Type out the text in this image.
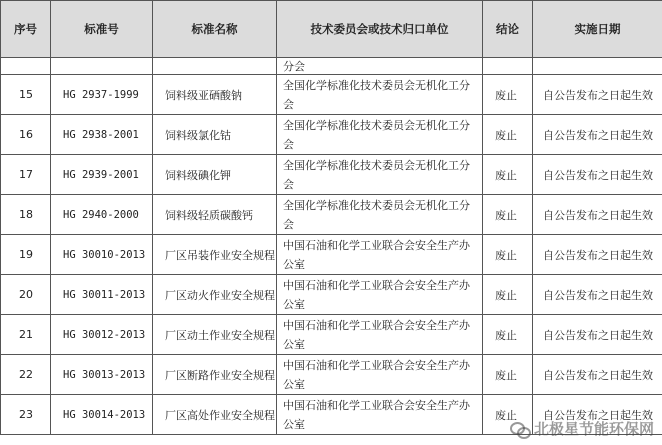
序号	标准号	标准名称	技术委员会或技术归口单位	结论	实施日期
			分会		
15	HG 2937-1999	饲料级亚硒酸钠	全国化学标准化技术委员会无机化工分会	废止	自公告发布之日起生效
16	HG 2938-2001	饲料级氯化钴	全国化学标准化技术委员会无机化工分会	废止	自公告发布之日起生效
17	HG 2939-2001	饲料级碘化钾	全国化学标准化技术委员会无机化工分会	废止	自公告发布之日起生效
18	HG 2940-2000	饲料级轻质碳酸钙	全国化学标准化技术委员会无机化工分会	废止	自公告发布之日起生效
19	HG 30010-2013	厂区吊装作业安全规程	中国石油和化学工业联合会安全生产办公室	废止	自公告发布之日起生效
20	HG 30011-2013	厂区动火作业安全规程	中国石油和化学工业联合会安全生产办公室	废止	自公告发布之日起生效
21	HG 30012-2013	厂区动土作业安全规程	中国石油和化学工业联合会安全生产办公室	废止	自公告发布之日起生效
22	HG 30013-2013	厂区断路作业安全规程	中国石油和化学工业联合会安全生产办公室	废止	自公告发布之日起生效
23	HG 30014-2013	厂区高处作业安全规程	中国石油和化学工业联合会安全生产办公室	废止	自公告发布之日起生效
北极星节能环保网
